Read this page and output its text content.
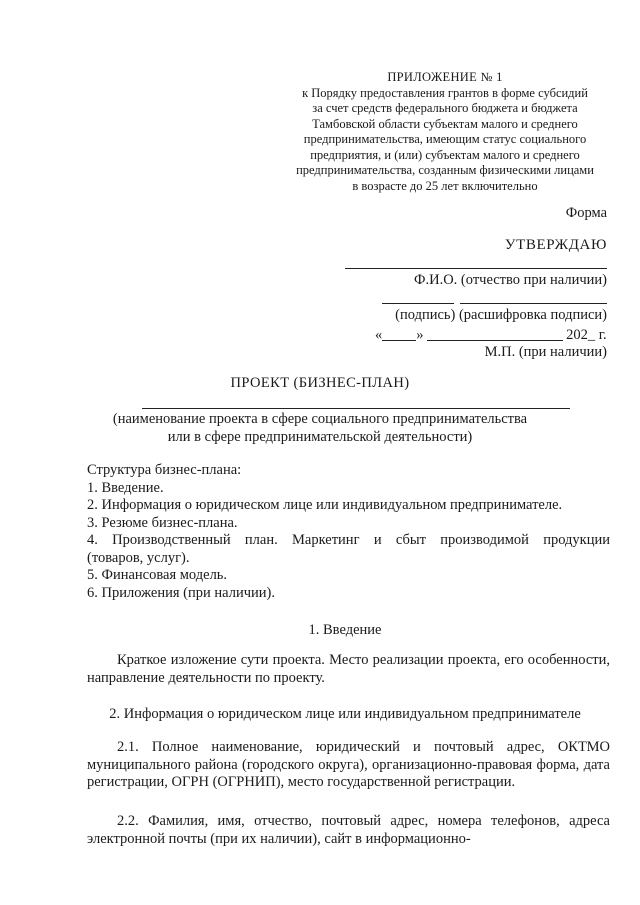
ПРИЛОЖЕНИЕ № 1
к Порядку предоставления грантов в форме субсидий
за счет средств федерального бюджета и бюджета
Тамбовской области субъектам малого и среднего
предпринимательства, имеющим статус социального
предприятия, и (или) субъектам малого и среднего
предпринимательства, созданным физическими лицами
в возрасте до 25 лет включительно
Форма
УТВЕРЖДАЮ
Ф.И.О. (отчество при наличии)
(подпись) (расшифровка подписи)
« »	202_ г.
М.П. (при наличии)
ПРОЕКТ (БИЗНЕС-ПЛАН)
(наименование проекта в сфере социального предпринимательства
или в сфере предпринимательской деятельности)
Структура бизнес-плана:
1. Введение.
2. Информация о юридическом лице или индивидуальном предпринимателе.
3. Резюме бизнес-плана.
4. Производственный план. Маркетинг и сбыт производимой продукции
(товаров, услуг).
5. Финансовая модель.
6. Приложения (при наличии).
1. Введение
Краткое изложение сути проекта. Место реализации проекта, его особенности, направление деятельности по проекту.
2. Информация о юридическом лице или индивидуальном предпринимателе
2.1. Полное наименование, юридический и почтовый адрес, ОКТМО муниципального района (городского округа), организационно-правовая форма, дата регистрации, ОГРН (ОГРНИП), место государственной регистрации.
2.2. Фамилия, имя, отчество, почтовый адрес, номера телефонов, адреса электронной почты (при их наличии), сайт в информационно-
